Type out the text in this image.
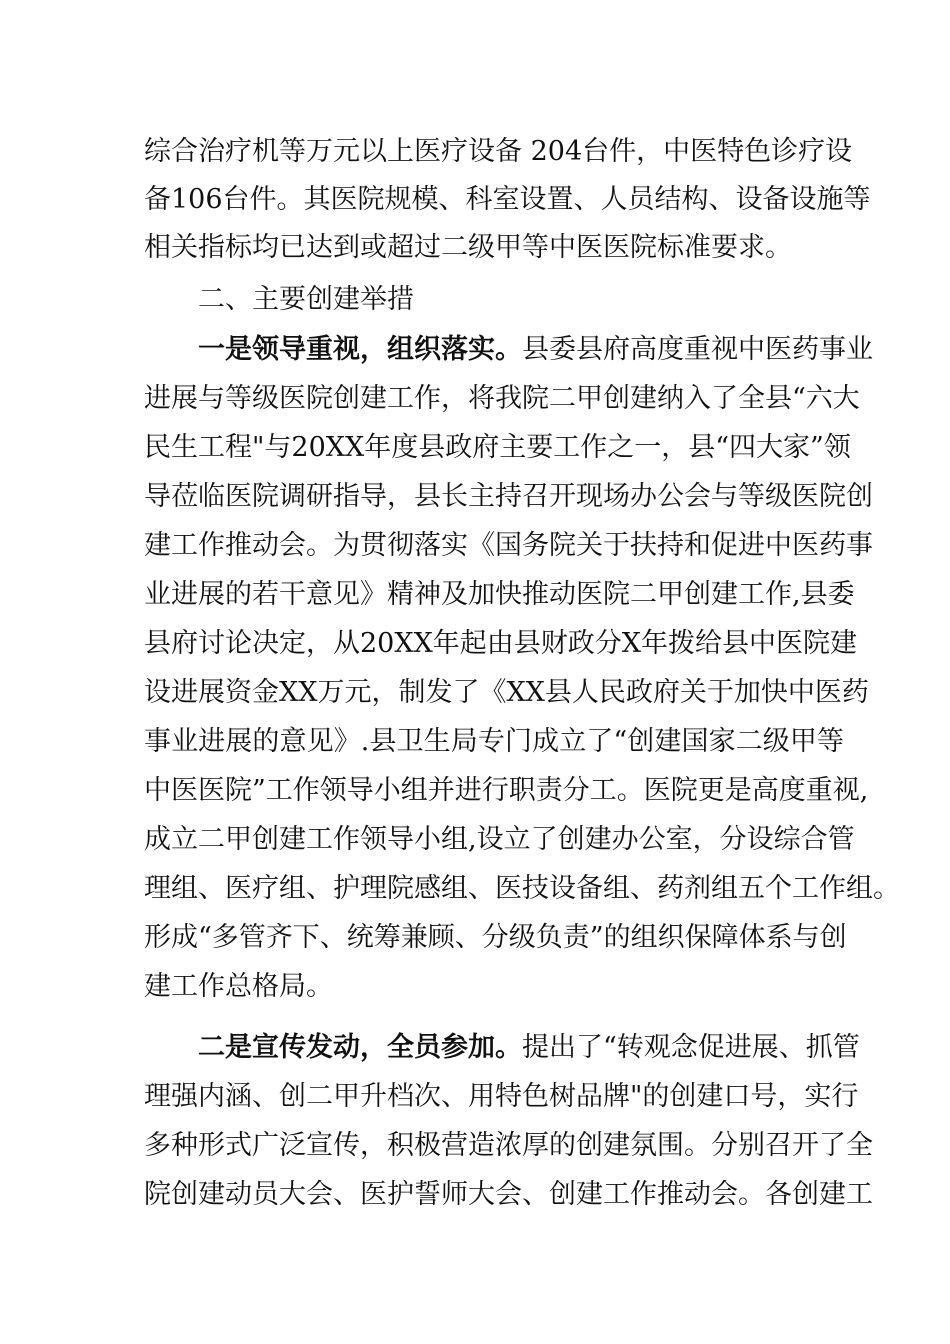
综合治疗机等万元以上医疗设备 204台件，中医特色诊疗设
备106台件。其医院规模、科室设置、人员结构、设备设施等
相关指标均已达到或超过二级甲等中医医院标准要求。
二、主要创建举措
一是领导重视，组织落实。县委县府高度重视中医药事业
进展与等级医院创建工作，将我院二甲创建纳入了全县“六大
民生工程"与20XX年度县政府主要工作之一，县“四大家”领
导莅临医院调研指导，县长主持召开现场办公会与等级医院创
建工作推动会。为贯彻落实《国务院关于扶持和促进中医药事
业进展的若干意见》精神及加快推动医院二甲创建工作,县委
县府讨论决定，从20XX年起由县财政分X年拨给县中医院建
设进展资金XX万元，制发了《XX县人民政府关于加快中医药
事业进展的意见》.县卫生局专门成立了“创建国家二级甲等
中医医院”工作领导小组并进行职责分工。医院更是高度重视,
成立二甲创建工作领导小组,设立了创建办公室，分设综合管
理组、医疗组、护理院感组、医技设备组、药剂组五个工作组。
形成“多管齐下、统筹兼顾、分级负责”的组织保障体系与创
建工作总格局。
二是宣传发动，全员参加。提出了“转观念促进展、抓管
理强内涵、创二甲升档次、用特色树品牌"的创建口号，实行
多种形式广泛宣传，积极营造浓厚的创建氛围。分别召开了全
院创建动员大会、医护誓师大会、创建工作推动会。各创建工
